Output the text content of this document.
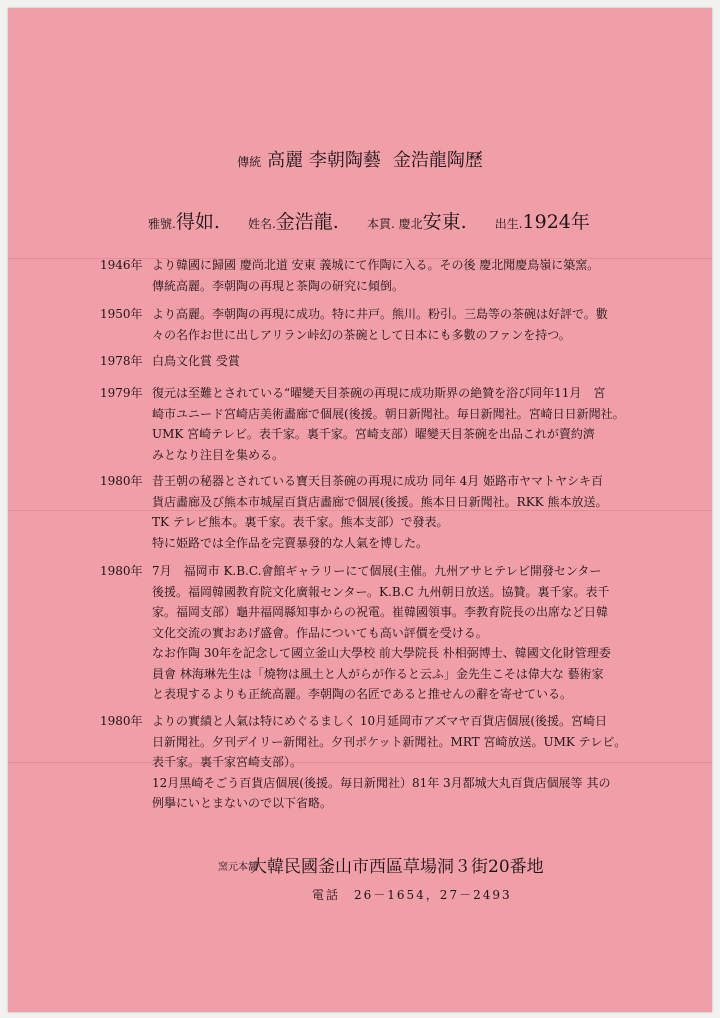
傳統 高麗 李朝陶藝 金浩龍陶歷
雅號.得如. 姓名.金浩龍. 本貫. 慶北安東. 出生.1924年
1946年 より韓國に歸國 慶尚北道 安東 義城にて作陶に入る。その後 慶北聞慶鳥嶺に築窯。
傳統高麗。李朝陶の再現と茶陶の研究に傾倒。
1950年 より高麗。李朝陶の再現に成功。特に井戸。熊川。粉引。三島等の茶碗は好評で。數
々の名作お世に出しアリラン峠幻の茶碗として日本にも多數のファンを持つ。
1978年 白鳥文化賞 受賞
1979年 復元は至難とされている“曜變天目茶碗の再現に成功斯界の絶贊を浴び同年11月　宮
崎市ユニード宮崎店美術畵廊で個展(後援。朝日新聞社。毎日新聞社。宮崎日日新聞社。
UMK 宮崎テレビ。表千家。裏千家。宮崎支部）曜變天目茶碗を出品これが賣約濟
みとなり注目を集める。
1980年 昔王朝の秘器とされている寶天目茶碗の再現に成功 同年 4月 姫路市ヤマトヤシキ百
貨店畵廊及び熊本市城屋百貨店畵廊で個展(後援。熊本日日新聞社。RKK 熊本放送。
TK テレビ熊本。裏千家。表千家。熊本支部）で發表。
特に姫路では全作品を完賣暴發的な人氣を博した。
1980年 7月　福岡市 K.B.C.會館ギャラリーにて個展(主催。九州アサヒテレビ開發センター
後援。福岡韓國教育院文化廣報センター。K.B.C 九州朝日放送。協贊。裏千家。表千
家。福岡支部）龜井福岡縣知事からの祝電。崔韓國領事。李教育院長の出席など日韓
文化交流の實おあげ盛會。作品についても高い評價を受ける。
なお作陶 30年を記念して國立釜山大學校 前大學院長 朴相弼博士、韓國文化財管理委
員會 林海琳先生は「燒物は風土と人がらが作ると云ふ」金先生こそは偉大な 藝術家
と表現するよりも正統高麗。李朝陶の名匠であると推せんの辭を寄せている。
1980年 よりの實績と人氣は特にめぐるましく 10月延岡市アズマヤ百貨店個展(後援。宮崎日
日新聞社。夕刊デイリー新聞社。夕刊ポケット新聞社。MRT 宮崎放送。UMK テレビ。
表千家。裏千家宮崎支部）。
12月黒崎そごう百貨店個展(後援。毎日新聞社）81年 3月都城大丸百貨店個展等 其の
例擧にいとまないので以下省略。
窯元本舗大韓民國釜山市西區草場洞３街20番地
電話　26－1654，27－2493
